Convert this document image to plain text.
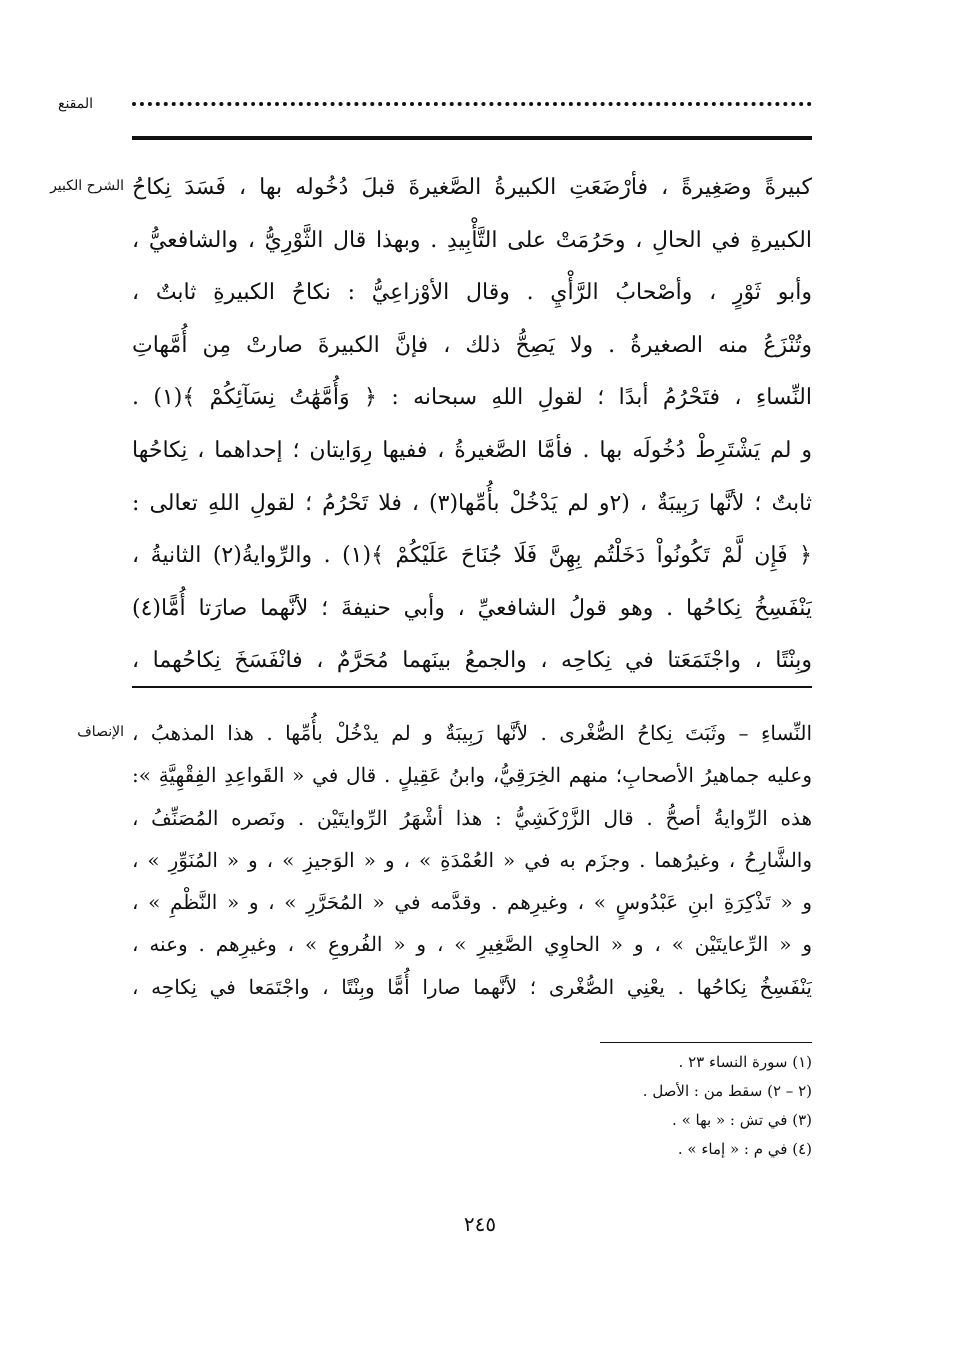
المقنع
الشرح الكبير كبيرةً وصَغِيرةً ، فأرْضَعَتِ الكبيرةُ الصَّغيرةَ قبلَ دُخُوله بها ، فَسَدَ نِكاحُ
الكبيرةِ في الحالِ ، وحَرُمَتْ على التَّأْبِيدِ . وبهذا قال الثَّوْرِيُّ ، والشافعيُّ ،
وأبو ثَوْرٍ ، وأصْحابُ الرَّأْيِ . وقال الأوْزاعِيُّ : نكاحُ الكبيرةِ ثابتٌ ،
وتُنْزَعُ منه الصغيرةُ . ولا يَصِحُّ ذلك ، فإنَّ الكبيرةَ صارتْ مِن أُمَّهاتِ
النِّساءِ ، فتَحْرُمُ أبدًا ؛ لقولِ اللهِ سبحانه : ﴿ وَأُمَّهَٰتُ نِسَآئِكُمْ ﴾(١) .
و لم يَشْتَرِطْ دُخُولَه بها . فأمَّا الصَّغيرةُ ، ففيها رِوَايتان ؛ إحداهما ، نِكاحُها
ثابتٌ ؛ لأنَّها رَبِيبَةٌ ، (٢و لم يَدْخُلْ بأُمِّها(٣) ، فلا تَحْرُمُ ؛ لقولِ اللهِ تعالى :
﴿ فَإِن لَّمْ تَكُونُواْ دَخَلْتُم بِهِنَّ فَلَا جُنَاحَ عَلَيْكُمْ ﴾(١) . والرِّوايةُ(٢) الثانيةُ ،
يَنْفَسِخُ نِكاحُها . وهو قولُ الشافعيِّ ، وأبي حنيفةَ ؛ لأنَّهما صارَتا أُمًّا(٤)
وبِنْتًا ، واجْتَمَعَتا في نِكاحِه ، والجمعُ بينَهما مُحَرَّمٌ ، فانْفَسَخَ نِكاحُهما ،
الإنصاف النِّساءِ – وثَبَتَ نِكاحُ الصُّغْرى . لأنَّها رَبِيبَةٌ و لم يدْخُلْ بأُمِّها . هذا المذهبُ ،
وعليه جماهيرُ الأصحابِ؛ منهم الخِرَقِيُّ، وابنُ عَقِيلٍ . قال في « القَواعِدِ الفِقْهِيَّةِ »:
هذه الرِّوايةُ أصحُّ . قال الزَّرْكَشِيُّ : هذا أشْهَرُ الرِّوايتَيْن . ونَصره المُصَنِّفُ ،
والشَّارِحُ ، وغيرُهما . وجزَم به في « العُمْدَةِ » ، و « الوَجيزِ » ، و « المُنَوِّرِ » ،
و « تَذْكِرَةِ ابنِ عَبْدُوسٍ » ، وغيرِهم . وقدَّمه في « المُحَرَّرِ » ، و « النَّظْمِ » ،
و « الرِّعايتَيْن » ، و « الحاوِي الصَّغِيرِ » ، و « الفُروعِ » ، وغيرِهم . وعنه ،
يَنْفَسِخُ نِكاحُها . يعْنِي الصُّغْرى ؛ لأنَّهما صارا أُمًّا وبِنْتًا ، واجْتَمَعا في نِكاحِه ،
(١) سورة النساء ٢٣ .
(٢ – ٢) سقط من : الأصل .
(٣) في تش : « بها » .
(٤) في م : « إماء » .
٢٤٥
